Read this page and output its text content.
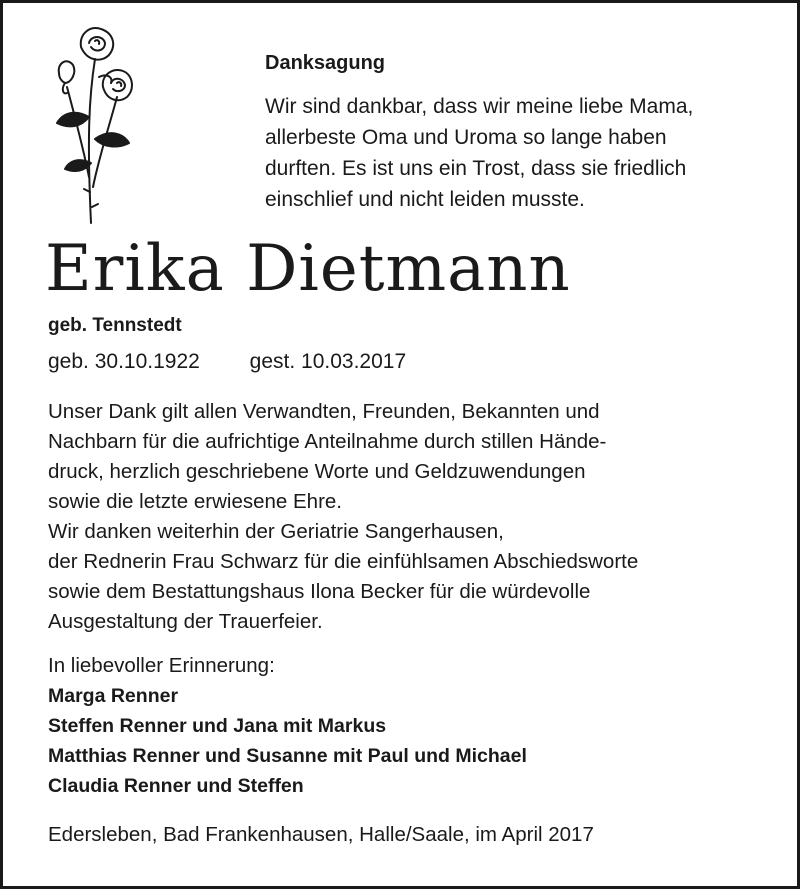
Danksagung

Wir sind dankbar, dass wir meine liebe Mama,

allerbeste Oma und Uroma so lange haben

durften. Es ist uns ein Trost, dass sie friedlich

einschlief und nicht leiden musste.

Erika Dietmann
geb. Tennstedt
geb. 30.10.1922 gest. 10.03.2017

Unser Dank gilt allen Verwandten, Freunden, Bekannten und

Nachbarn für die aufrichtige Anteilnahme durch stillen Hände-

druck, herzlich geschriebene Worte und Geldzuwendungen

sowie die letzte erwiesene Ehre.

Wir danken weiterhin der Geriatrie Sangerhausen,

der Rednerin Frau Schwarz für die einfühlsamen Abschiedsworte

sowie dem Bestattungshaus Ilona Becker für die würdevolle

Ausgestaltung der Trauerfeier.

In liebevoller Erinnerung:

Marga Renner

Steffen Renner und Jana mit Markus

Matthias Renner und Susanne mit Paul und Michael

Claudia Renner und Steffen

Edersleben, Bad Frankenhausen, Halle/Saale, im April 2017
